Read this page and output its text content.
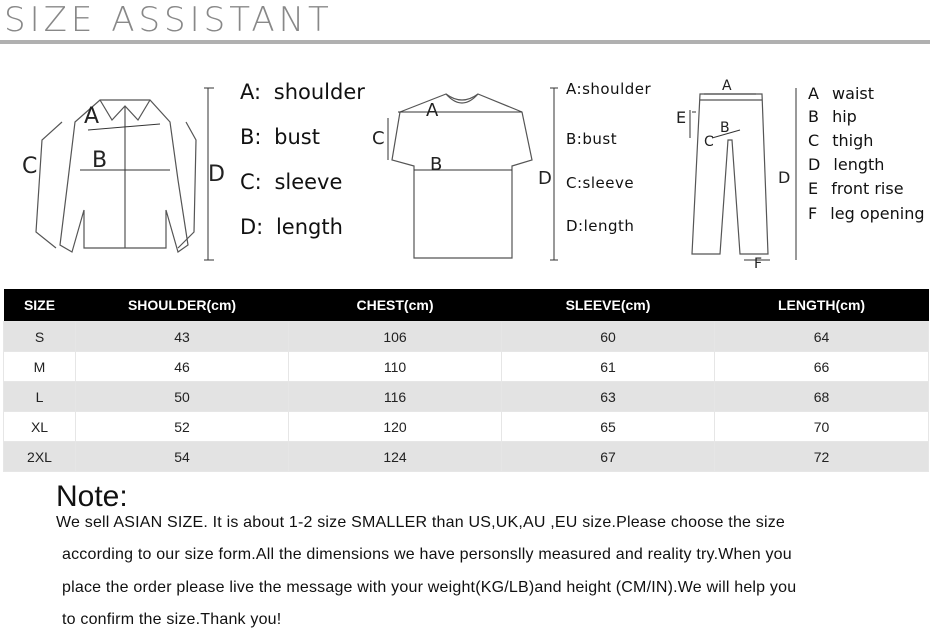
SIZE ASSISTANT
A
B
C	D
A: shoulder
B: bust
C: sleeve
D: length
A
B
C
D
A:shoulder
B:bust
C:sleeve
D:length
A
B
C
D
E
F
A waist
B hip
C thigh
D length
E front rise
F leg opening
SIZE	SHOULDER(cm)	CHEST(cm)	SLEEVE(cm)	LENGTH(cm)
S	43	106	60	64
M	46	110	61	66
L	50	116	63	68
XL	52	120	65	70
2XL	54	124	67	72
Note:
We sell ASIAN SIZE. It is about 1-2 size SMALLER than US,UK,AU ,EU size.Please choose the size
according to our size form.All the dimensions we have personslly measured and reality try.When you
place the order please live the message with your weight(KG/LB)and height (CM/IN).We will help you
to confirm the size.Thank you!
